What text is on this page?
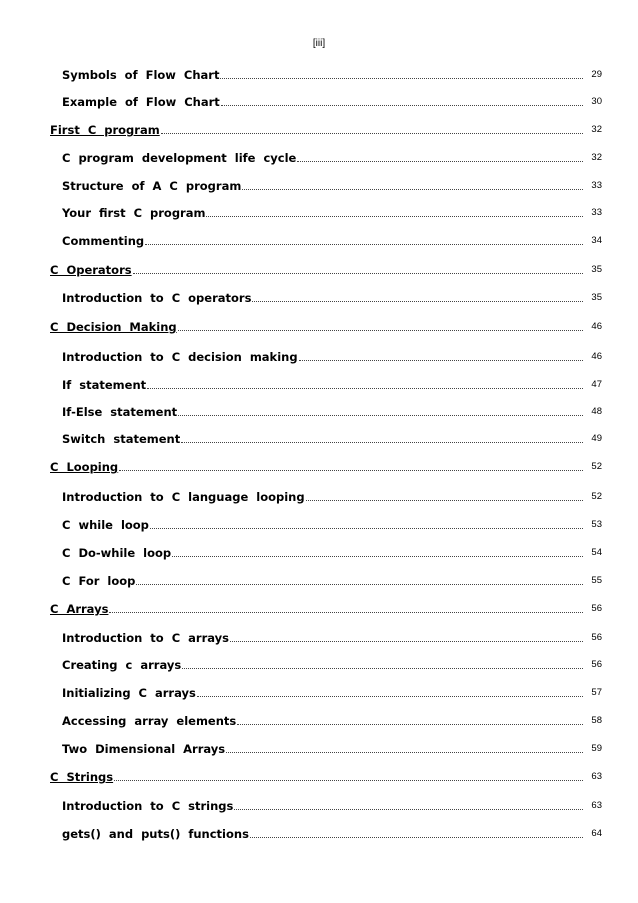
[iii]
Symbols of Flow Chart	29
Example of Flow Chart	30
First C program	32
C program development life cycle	32
Structure of A C program	33
Your first C program	33
Commenting	34
C Operators	35
Introduction to C operators	35
C Decision Making	46
Introduction to C decision making	46
If statement	47
If-Else statement	48
Switch statement	49
C Looping	52
Introduction to C language looping	52
C while loop	53
C Do-while loop	54
C For loop	55
C Arrays	56
Introduction to C arrays	56
Creating c arrays	56
Initializing C arrays	57
Accessing array elements	58
Two Dimensional Arrays	59
C Strings	63
Introduction to C strings	63
gets() and puts() functions	64
